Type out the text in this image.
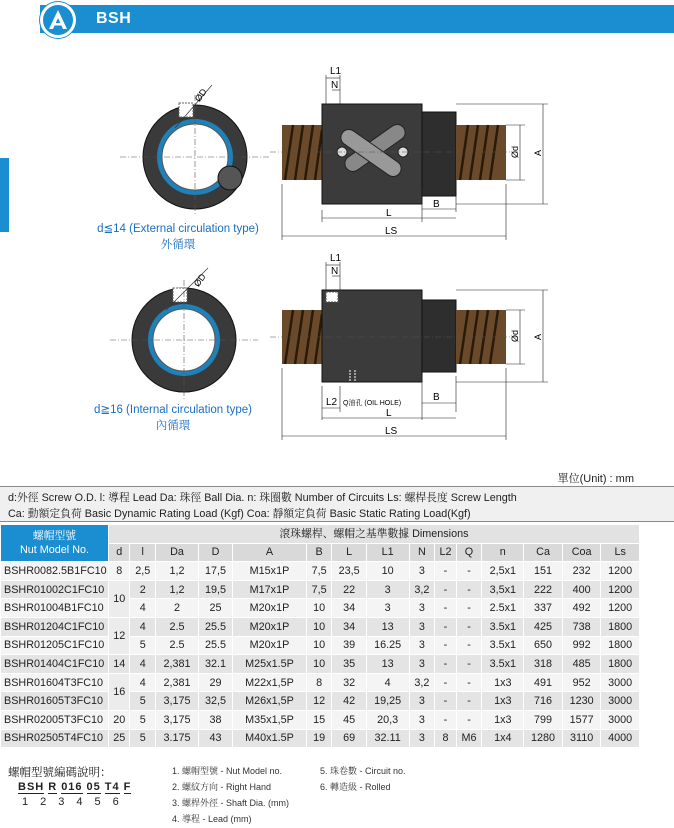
BSH
ØD
L1
N
B
L
LS
Ød A
ØD
L1
N
L2 Q油孔 (OIL HOLE)
B
L
LS
Ød A
d≦14 (External circulation type)
外循環
d≧16 (Internal circulation type)
內循環
單位(Unit) : mm
d:外徑 Screw O.D. l: 導程 Lead Da: 珠徑 Ball Dia. n: 珠圈數 Number of Circuits Ls: 螺桿長度 Screw Length
Ca: 動額定負荷 Basic Dynamic Rating Load (Kgf) Coa: 靜額定負荷 Basic Static Rating Load(Kgf)
螺帽型號
Nut Model No.	滾珠螺桿、螺帽之基準數據 Dimensions														
	d	l	Da	D	A	B	L	L1	N	L2	Q	n	Ca	Coa	Ls
BSHR0082.5B1FC10	8	2,5	1,2	17,5	M15x1P	7,5	23,5	10	3	-	-	2,5x1	151	232	1200
BSHR01002C1FC10	10	2	1,2	19,5	M17x1P	7,5	22	3	3,2	-	-	3,5x1	222	400	1200
BSHR01004B1FC10		4	2	25	M20x1P	10	34	3	3	-	-	2.5x1	337	492	1200
BSHR01204C1FC10	12	4	2.5	25.5	M20x1P	10	34	13	3	-	-	3.5x1	425	738	1800
BSHR01205C1FC10		5	2.5	25.5	M20x1P	10	39	16.25	3	-	-	3.5x1	650	992	1800
BSHR01404C1FC10	14	4	2,381	32.1	M25x1.5P	10	35	13	3	-	-	3.5x1	318	485	1800
BSHR01604T3FC10	16	4	2,381	29	M22x1,5P	8	32	4	3,2	-	-	1x3	491	952	3000
BSHR01605T3FC10		5	3,175	32,5	M26x1,5P	12	42	19,25	3	-	-	1x3	716	1230	3000
BSHR02005T3FC10	20	5	3,175	38	M35x1,5P	15	45	20,3	3	-	-	1x3	799	1577	3000
BSHR02505T4FC10	25	5	3.175	43	M40x1.5P	19	69	32.11	3	8	M6	1x4	1280	3110	4000
螺帽型號編碼說明：
BSH R 016 05 T4 F
1 2 3 4 5 6
1. 螺帽型號 - Nut Model no.
2. 螺紋方向 - Right Hand
3. 螺桿外徑 - Shaft Dia. (mm)
4. 導程 - Lead (mm)
5. 珠卷數 - Circuit no.
6. 轉造級 - Rolled
